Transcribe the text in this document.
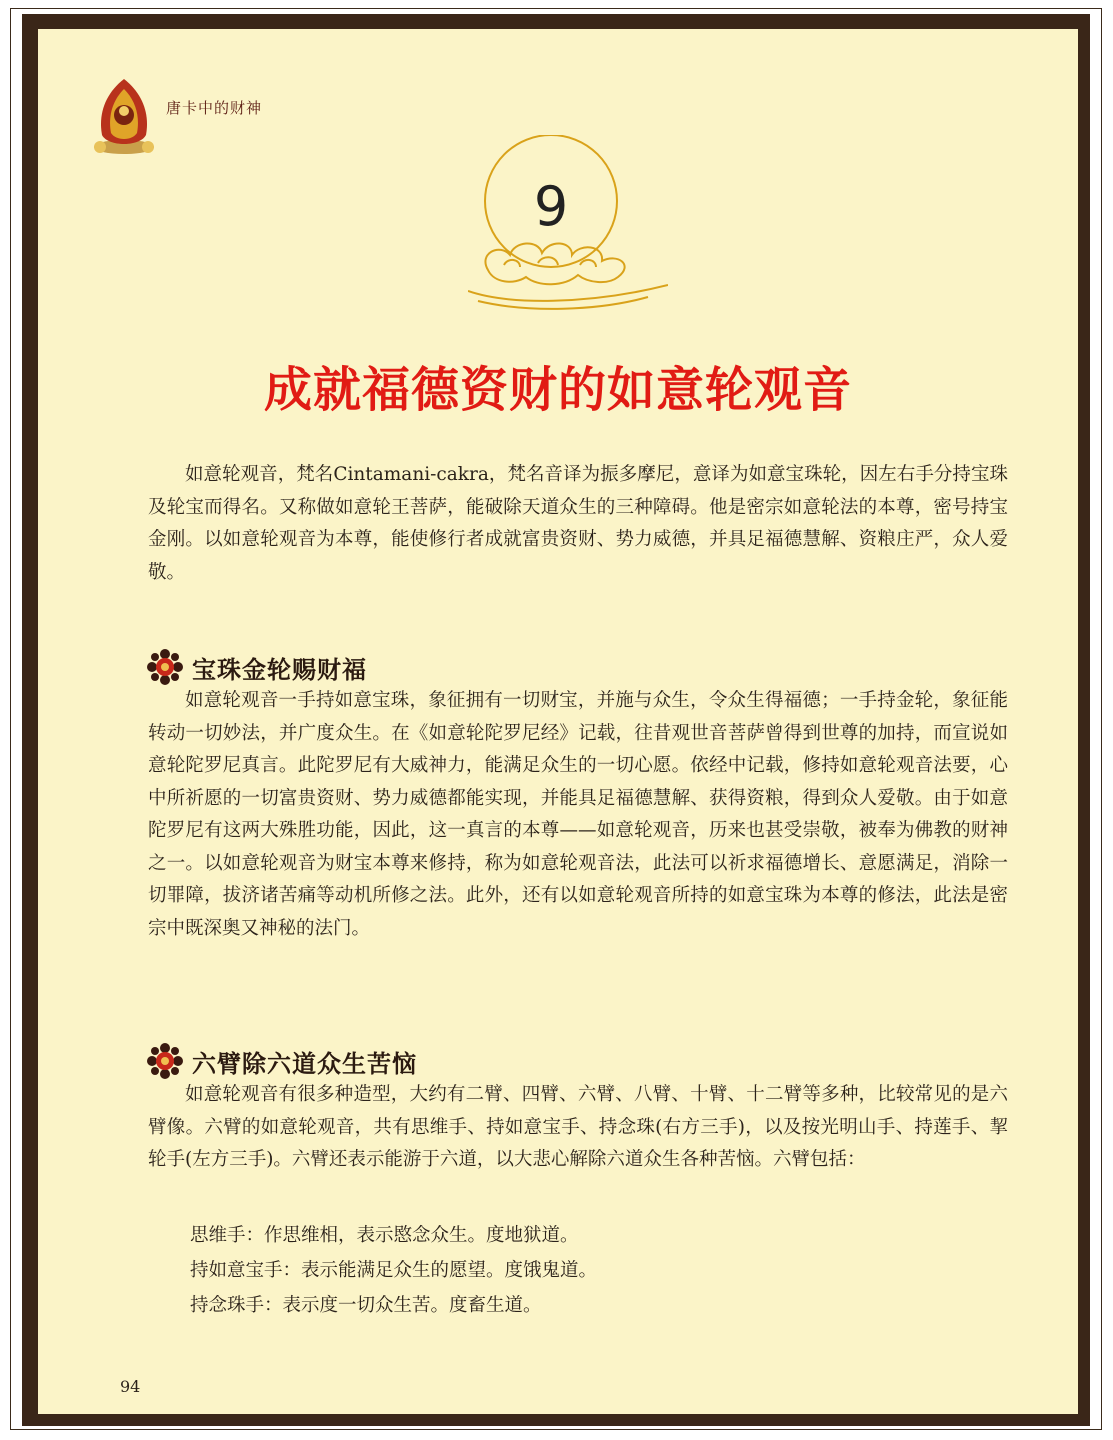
唐卡中的财神
9
成就福德资财的如意轮观音

如意轮观音，梵名Cintamani-cakra，梵名音译为振多摩尼，意译为如意宝珠轮，因左右手分持宝珠及轮宝而得名。又称做如意轮王菩萨，能破除天道众生的三种障碍。他是密宗如意轮法的本尊，密号持宝金刚。以如意轮观音为本尊，能使修行者成就富贵资财、势力威德，并具足福德慧解、资粮庄严，众人爱敬。

宝珠金轮赐财福

如意轮观音一手持如意宝珠，象征拥有一切财宝，并施与众生，令众生得福德；一手持金轮，象征能转动一切妙法，并广度众生。在《如意轮陀罗尼经》记载，往昔观世音菩萨曾得到世尊的加持，而宣说如意轮陀罗尼真言。此陀罗尼有大威神力，能满足众生的一切心愿。依经中记载，修持如意轮观音法要，心中所祈愿的一切富贵资财、势力威德都能实现，并能具足福德慧解、获得资粮，得到众人爱敬。由于如意陀罗尼有这两大殊胜功能，因此，这一真言的本尊——如意轮观音，历来也甚受崇敬，被奉为佛教的财神之一。以如意轮观音为财宝本尊来修持，称为如意轮观音法，此法可以祈求福德增长、意愿满足，消除一切罪障，拔济诸苦痛等动机所修之法。此外，还有以如意轮观音所持的如意宝珠为本尊的修法，此法是密宗中既深奥又神秘的法门。

六臂除六道众生苦恼

如意轮观音有很多种造型，大约有二臂、四臂、六臂、八臂、十臂、十二臂等多种，比较常见的是六臂像。六臂的如意轮观音，共有思维手、持如意宝手、持念珠(右方三手)，以及按光明山手、持莲手、挈轮手(左方三手)。六臂还表示能游于六道，以大悲心解除六道众生各种苦恼。六臂包括：

思维手：作思维相，表示愍念众生。度地狱道。

持如意宝手：表示能满足众生的愿望。度饿鬼道。

持念珠手：表示度一切众生苦。度畜生道。

94
